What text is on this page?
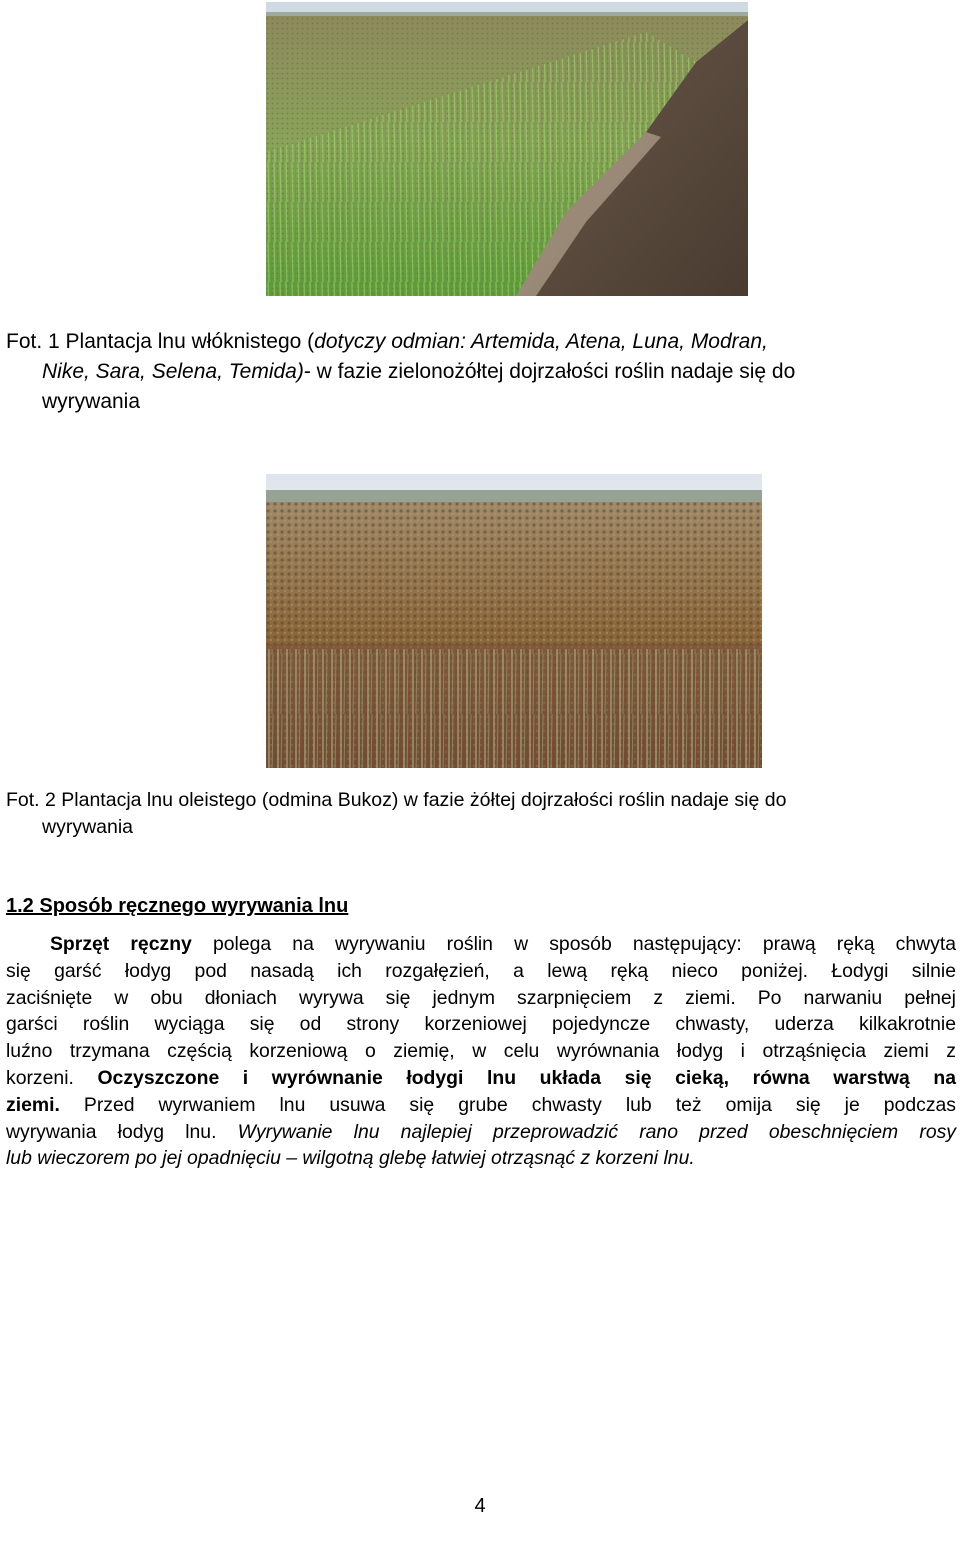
Fot. 1 Plantacja lnu włóknistego (dotyczy odmian: Artemida, Atena, Luna, Modran,
Nike, Sara, Selena, Temida)- w fazie zielonożółtej dojrzałości roślin nadaje się do
wyrywania
Fot. 2 Plantacja lnu oleistego (odmina Bukoz) w fazie żółtej dojrzałości roślin nadaje się do
wyrywania
1.2 Sposób ręcznego wyrywania lnu
Sprzęt ręczny polega na wyrywaniu roślin w sposób następujący: prawą ręką chwyta
się garść łodyg pod nasadą ich rozgałęzień, a lewą ręką nieco poniżej. Łodygi silnie
zaciśnięte w obu dłoniach wyrywa się jednym szarpnięciem z ziemi. Po narwaniu pełnej
garści roślin wyciąga się od strony korzeniowej pojedyncze chwasty, uderza kilkakrotnie
luźno trzymana częścią korzeniową o ziemię, w celu wyrównania łodyg i otrząśnięcia ziemi z
korzeni. Oczyszczone i wyrównanie łodygi lnu układa się cieką, równa warstwą na
ziemi. Przed wyrwaniem lnu usuwa się grube chwasty lub też omija się je podczas
wyrywania łodyg lnu. Wyrywanie lnu najlepiej przeprowadzić rano przed obeschnięciem rosy
lub wieczorem po jej opadnięciu – wilgotną glebę łatwiej otrząsnąć z korzeni lnu.
4
